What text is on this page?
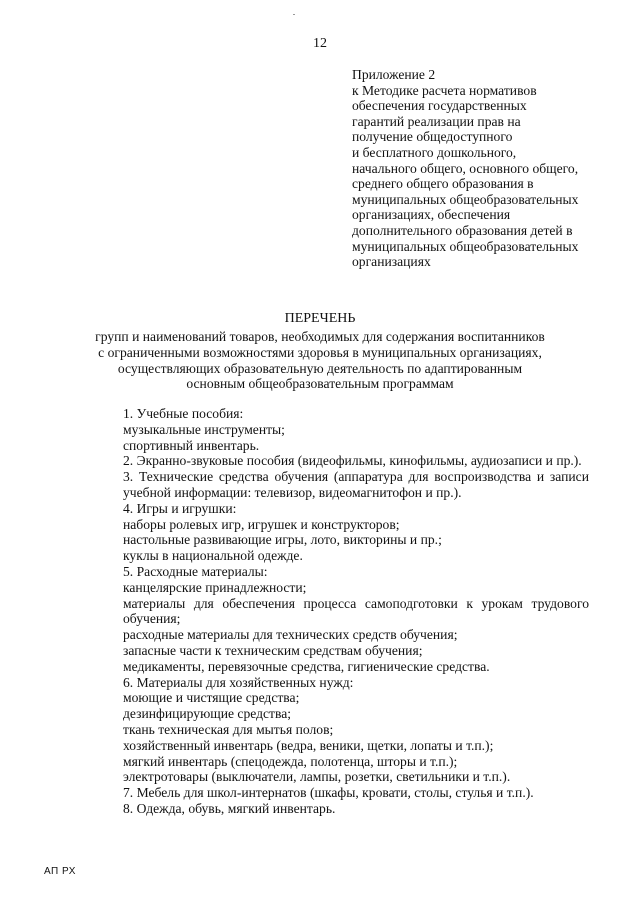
12
Приложение 2
к Методике расчета нормативов
обеспечения государственных
гарантий реализации прав на
получение общедоступного
и бесплатного дошкольного,
начального общего, основного общего,
среднего общего образования в
муниципальных общеобразовательных
организациях, обеспечения
дополнительного образования детей в
муниципальных общеобразовательных
организациях
ПЕРЕЧЕНЬ
групп и наименований товаров, необходимых для содержания воспитанников
с ограниченными возможностями здоровья в муниципальных организациях,
осуществляющих образовательную деятельность по адаптированным
основным общеобразовательным программам
1. Учебные пособия:
музыкальные инструменты;
спортивный инвентарь.
2. Экранно-звуковые пособия (видеофильмы, кинофильмы, аудиозаписи и пр.).
3. Технические средства обучения (аппаратура для воспроизводства и записи учебной информации: телевизор, видеомагнитофон и пр.).
4. Игры и игрушки:
наборы ролевых игр, игрушек и конструкторов;
настольные развивающие игры, лото, викторины и пр.;
куклы в национальной одежде.
5. Расходные материалы:
канцелярские принадлежности;
материалы для обеспечения процесса самоподготовки к урокам трудового обучения;
расходные материалы для технических средств обучения;
запасные части к техническим средствам обучения;
медикаменты, перевязочные средства, гигиенические средства.
6. Материалы для хозяйственных нужд:
моющие и чистящие средства;
дезинфицирующие средства;
ткань техническая для мытья полов;
хозяйственный инвентарь (ведра, веники, щетки, лопаты и т.п.);
мягкий инвентарь (спецодежда, полотенца, шторы и т.п.);
электротовары (выключатели, лампы, розетки, светильники и т.п.).
7. Мебель для школ-интернатов (шкафы, кровати, столы, стулья и т.п.).
8. Одежда, обувь, мягкий инвентарь.
АП РХ
